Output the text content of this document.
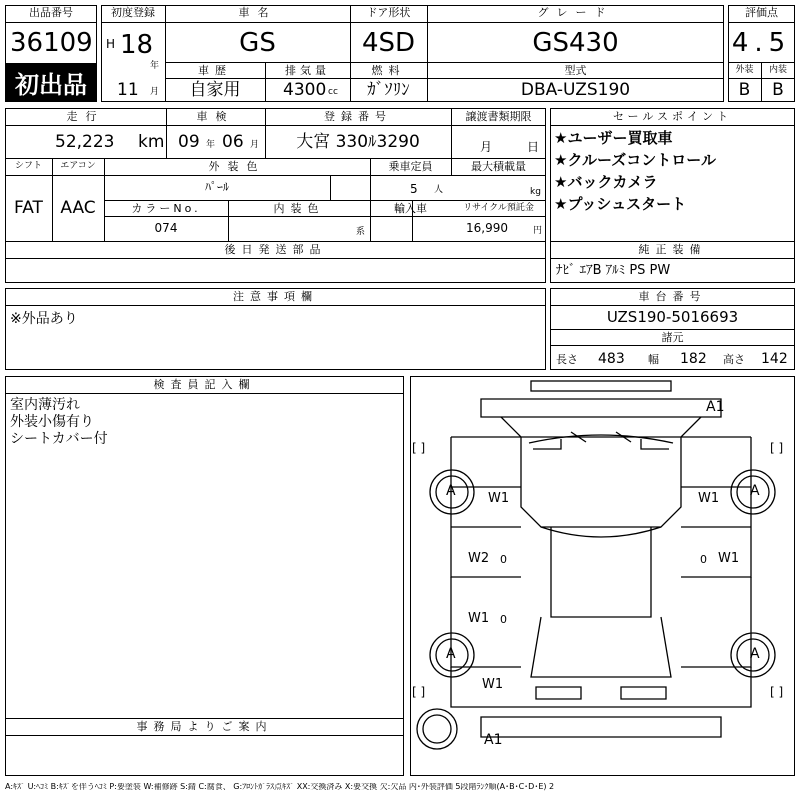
出品番号
36109
初出品
初度登録
H 18
年
11 月
車名
GS
ドア形状
4SD
グレード
GS430
車歴
自家用
排気量
4300 cc
燃料
ｶﾞｿﾘﾝ
型式
DBA-UZS190
評価点
4.5
外装	内装
B	B
走行
52,223 km
車検
09 年 06 月
登録番号
大宮 330ﾙ3290
譲渡書類期限
月	日
シフト
FAT
エアコン
AAC
外装色
ﾊﾟｰﾙ
乗車定員
5 人
最大積載量
kg
カラーNo.
074
内装色
系
輸入車	リサイクル預託金
16,990	円
後日発送部品
セールスポイント
★ユーザー買取車
★クルーズコントロール
★バックカメラ
★プッシュスタート
純正装備
ﾅﾋﾞ ｴｱB ｱﾙﾐ PS PW
注意事項欄
※外品あり
車台番号
UZS190-5016693
諸元
長さ 483 幅 182 高さ 142
検査員記入欄
室内薄汚れ
外装小傷有り
シートカバー付
事務局よりご案内
[ ]	[ ]
[ ]	[ ]
A1
A1
A	A
A	A
W1	W1
W2 0	0 W1
W1 0
W1
A:ｷｽﾞ U:ﾍｺﾐ B:ｷｽﾞを伴うﾍｺﾐ P:要塗装 W:補修跡 S:錆 C:腐食、 G:ﾌﾛﾝﾄｶﾞﾗｽ点ｷｽﾞ XX:交換済み X:要交換 欠:欠品 内･外装評価 5段階ﾗﾝｸ順(A･B･C･D･E) 2
